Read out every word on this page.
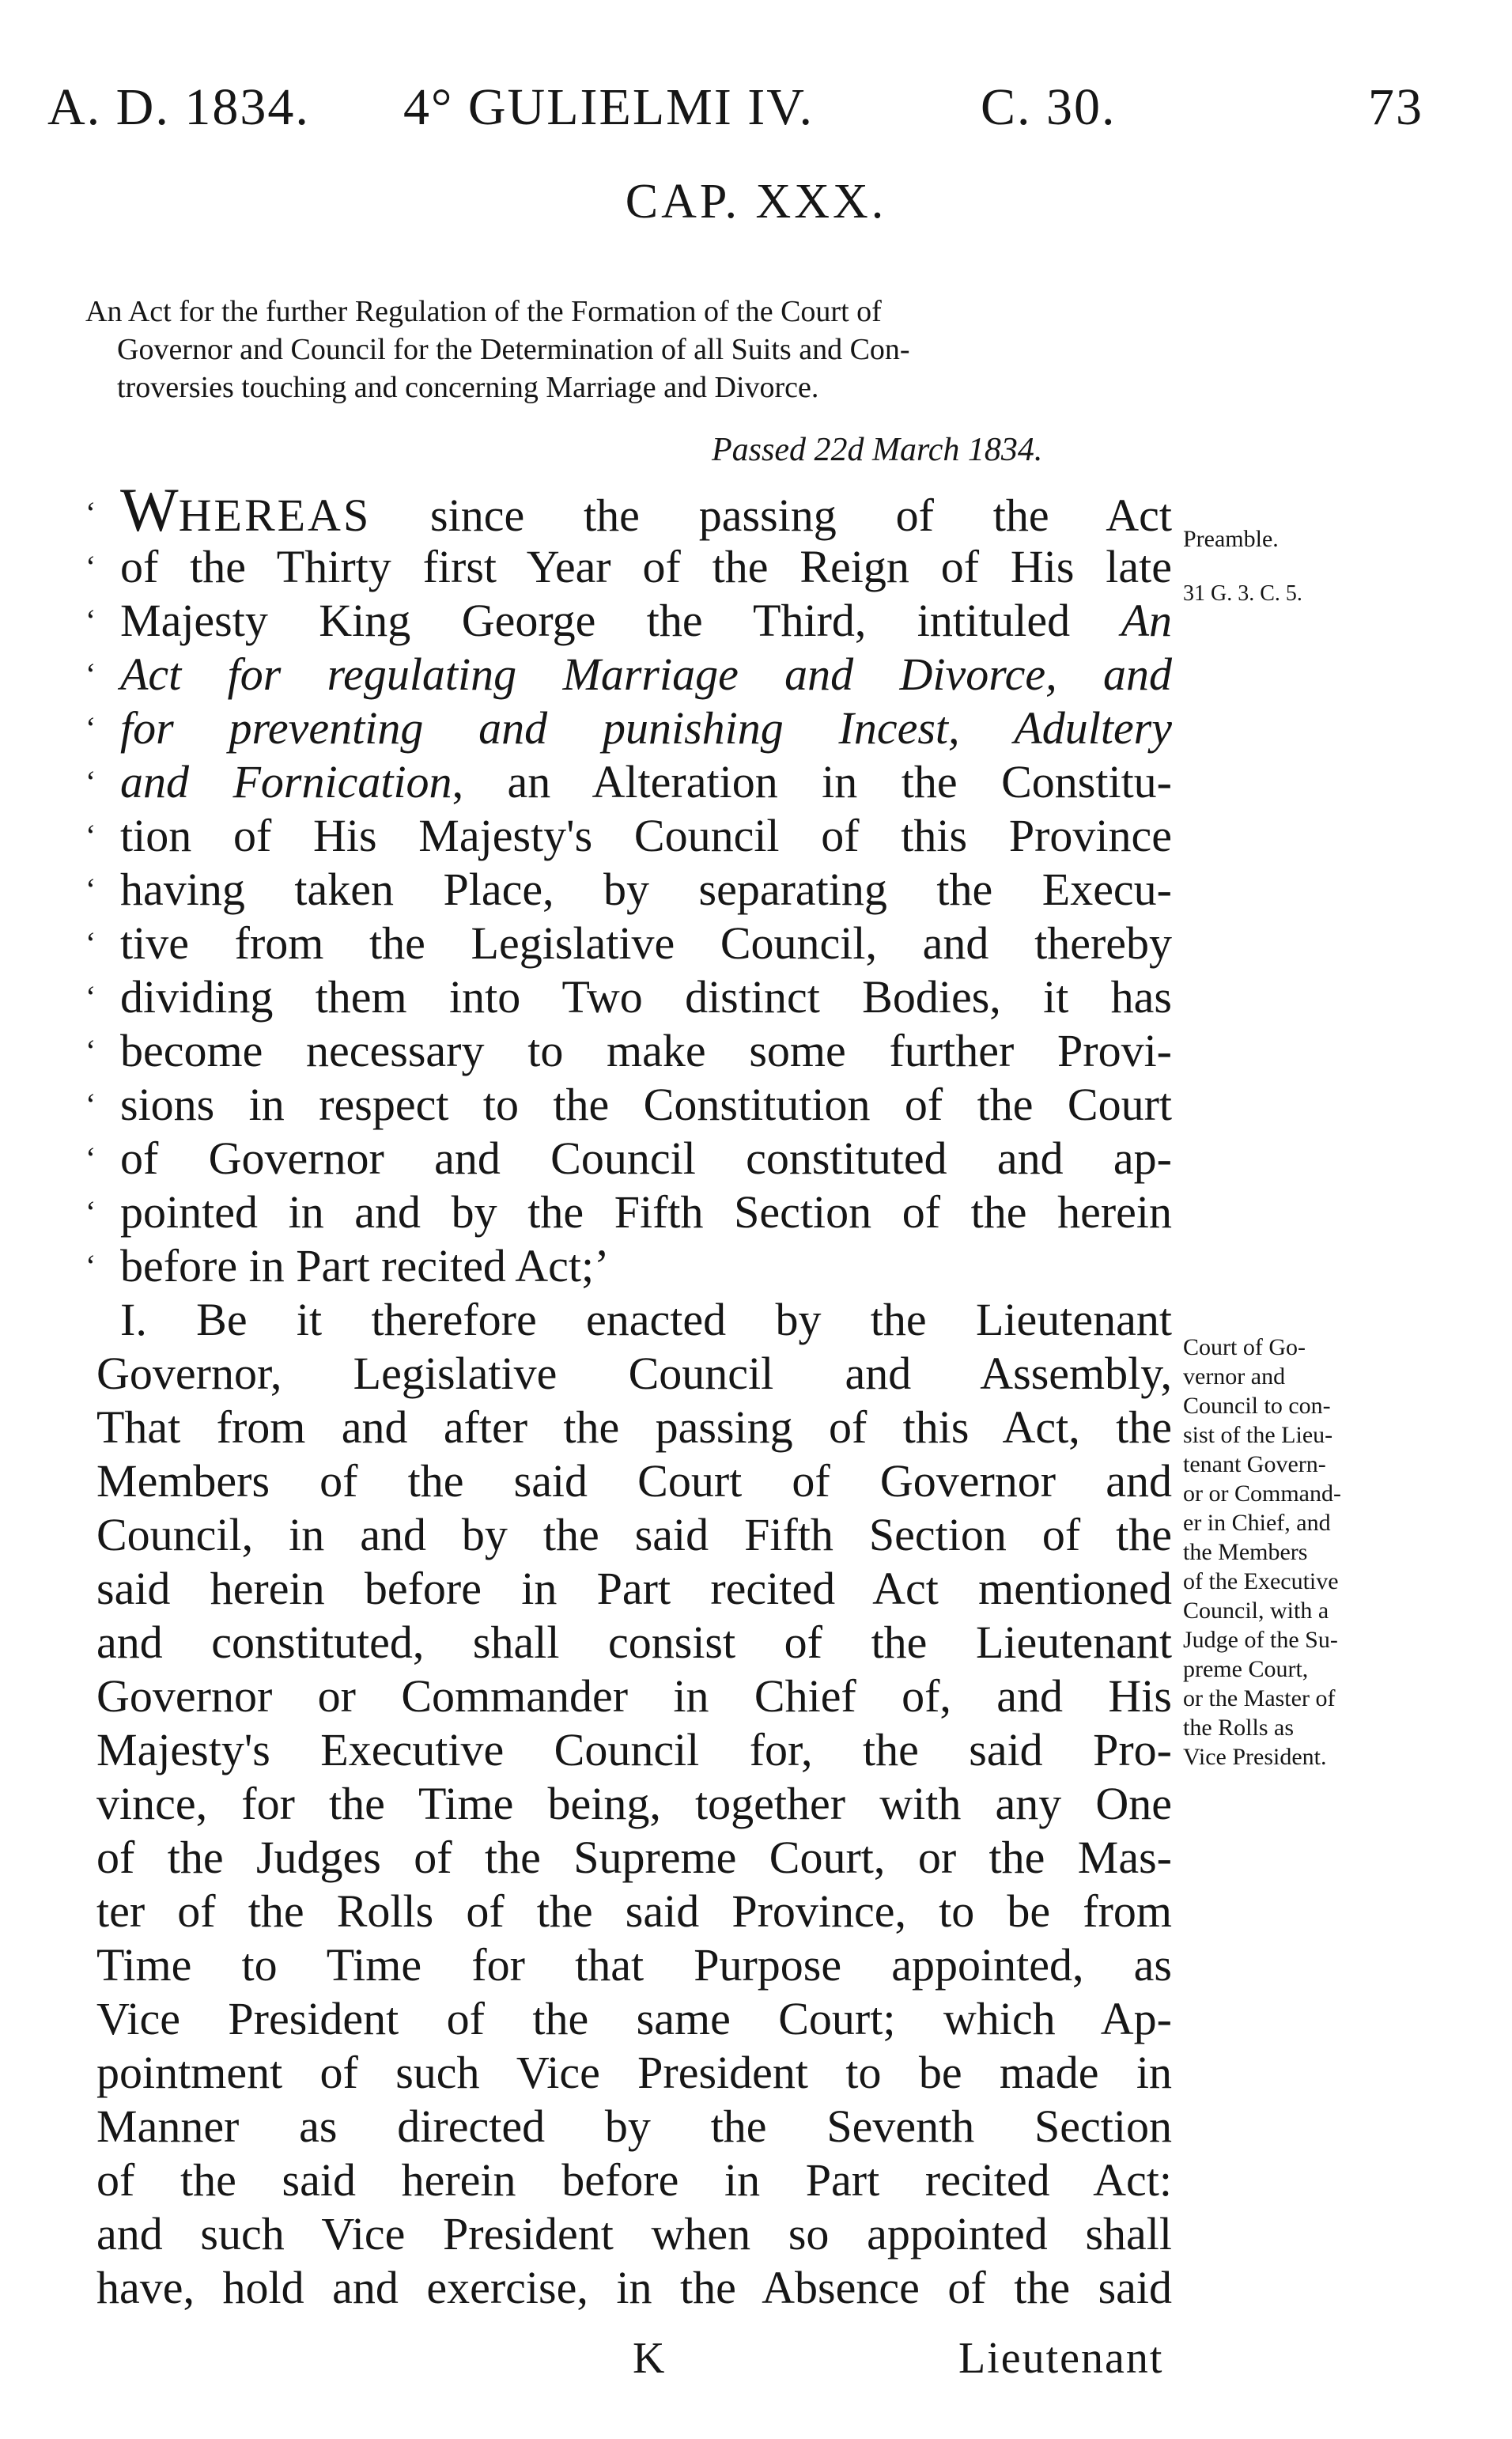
A. D. 1834. 4° GULIELMI IV.	C. 30.	73
CAP. XXX.
An Act for the further Regulation of the Formation of the Court of
Governor and Council for the Determination of all Suits and Con-
troversies touching and concerning Marriage and Divorce.
Passed 22d March 1834.
‘ WHEREAS since the passing of the Act
‘ of the Thirty first Year of the Reign of His late
‘ Majesty King George the Third, intituled An
‘ Act for regulating Marriage and Divorce, and
‘ for preventing and punishing Incest, Adultery
‘ and Fornication, an Alteration in the Constitu-
‘ tion of His Majesty's Council of this Province
‘ having taken Place, by separating the Execu-
‘ tive from the Legislative Council, and thereby
‘ dividing them into Two distinct Bodies, it has
‘ become necessary to make some further Provi-
‘ sions in respect to the Constitution of the Court
‘ of Governor and Council constituted and ap-
‘ pointed in and by the Fifth Section of the herein
‘ before in Part recited Act;’
I. Be it therefore enacted by the Lieutenant
Governor, Legislative Council and Assembly,
That from and after the passing of this Act, the
Members of the said Court of Governor and
Council, in and by the said Fifth Section of the
said herein before in Part recited Act mentioned
and constituted, shall consist of the Lieutenant
Governor or Commander in Chief of, and His
Majesty's Executive Council for, the said Pro-
vince, for the Time being, together with any One
of the Judges of the Supreme Court, or the Mas-
ter of the Rolls of the said Province, to be from
Time to Time for that Purpose appointed, as
Vice President of the same Court; which Ap-
pointment of such Vice President to be made in
Manner as directed by the Seventh Section
of the said herein before in Part recited Act:
and such Vice President when so appointed shall
have, hold and exercise, in the Absence of the said
Preamble.
31 G. 3. C. 5.
Court of Go-
vernor and
Council to con-
sist of the Lieu-
tenant Govern-
or or Command-
er in Chief, and
the Members
of the Executive
Council, with a
Judge of the Su-
preme Court,
or the Master of
the Rolls as
Vice President.
K	Lieutenant
